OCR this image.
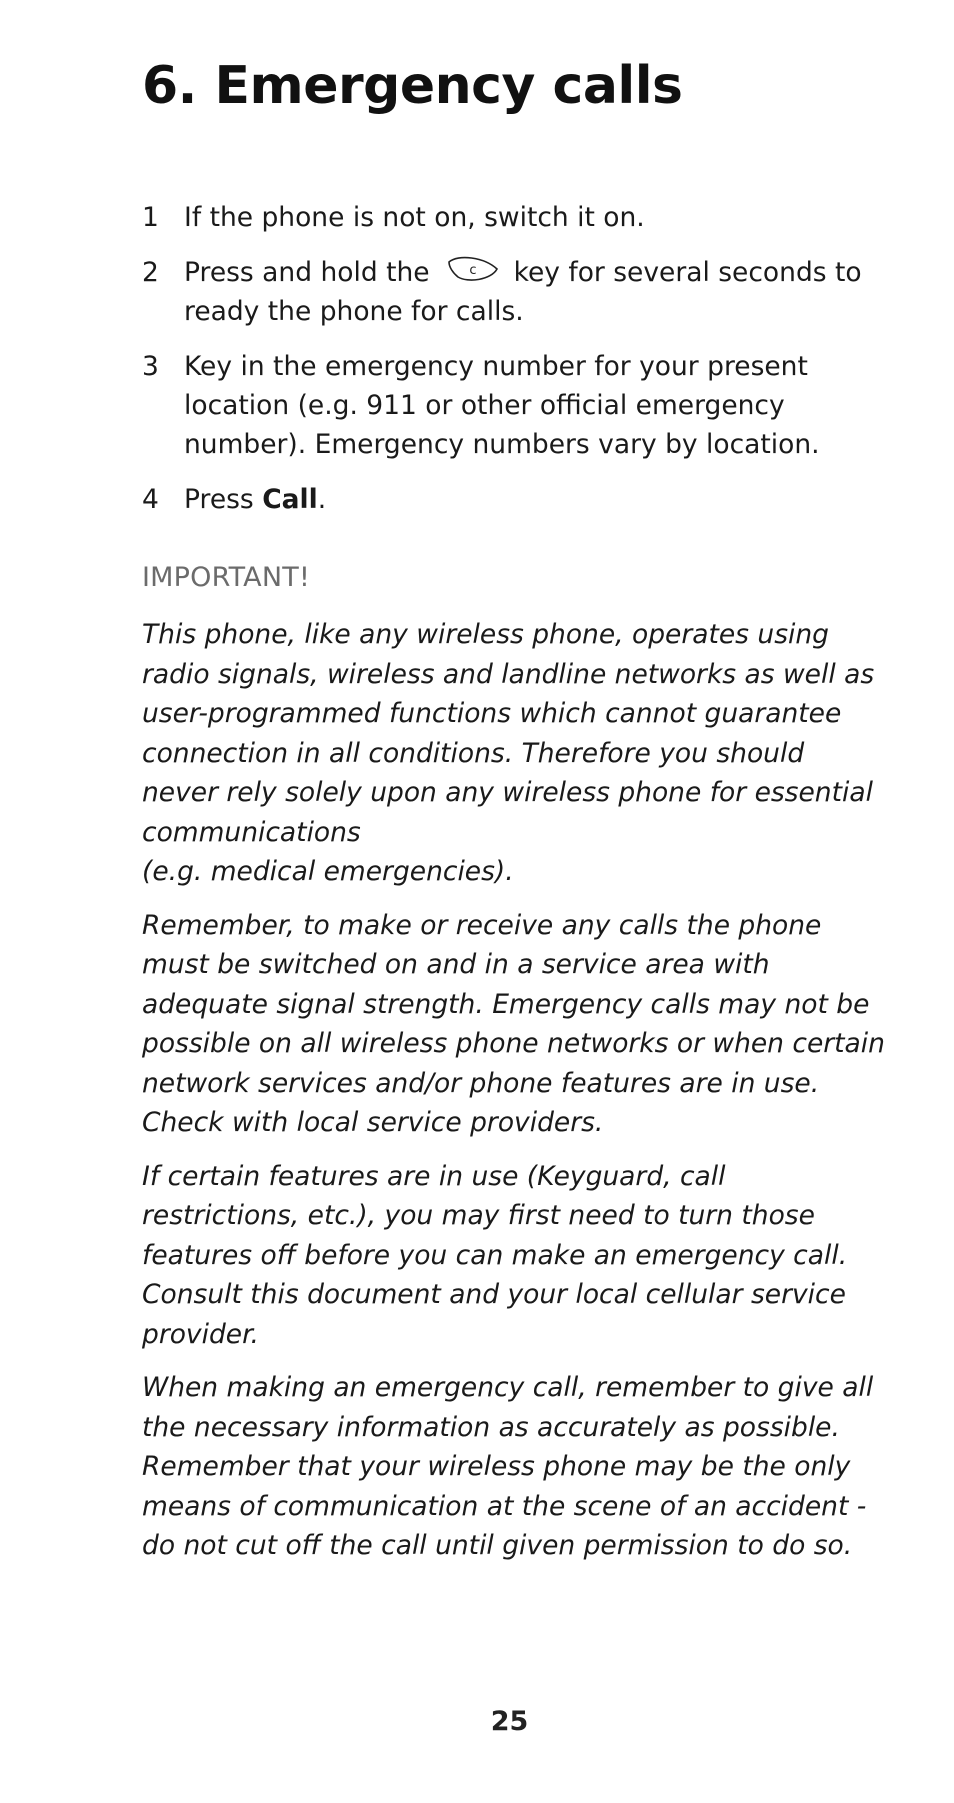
6. Emergency calls
1 If the phone is not on, switch it on.
2 Press and hold the	c key for several seconds to ready the phone for calls.
3 Key in the emergency number for your present location (e.g. 911 or other official emergency number). Emergency numbers vary by location.
4 Press Call.
IMPORTANT!

This phone, like any wireless phone, operates using radio signals, wireless and landline networks as well as user-programmed functions which cannot guarantee connection in all conditions. Therefore you should never rely solely upon any wireless phone for essential communications
(e.g. medical emergencies).

Remember, to make or receive any calls the phone must be switched on and in a service area with adequate signal strength. Emergency calls may not be possible on all wireless phone networks or when certain network services and/or phone features are in use. Check with local service providers.

If certain features are in use (Keyguard, call restrictions, etc.), you may first need to turn those features off before you can make an emergency call. Consult this document and your local cellular service provider.

When making an emergency call, remember to give all the necessary information as accurately as possible.
Remember that your wireless phone may be the only means of communication at the scene of an accident - do not cut off the call until given permission to do so.

25
